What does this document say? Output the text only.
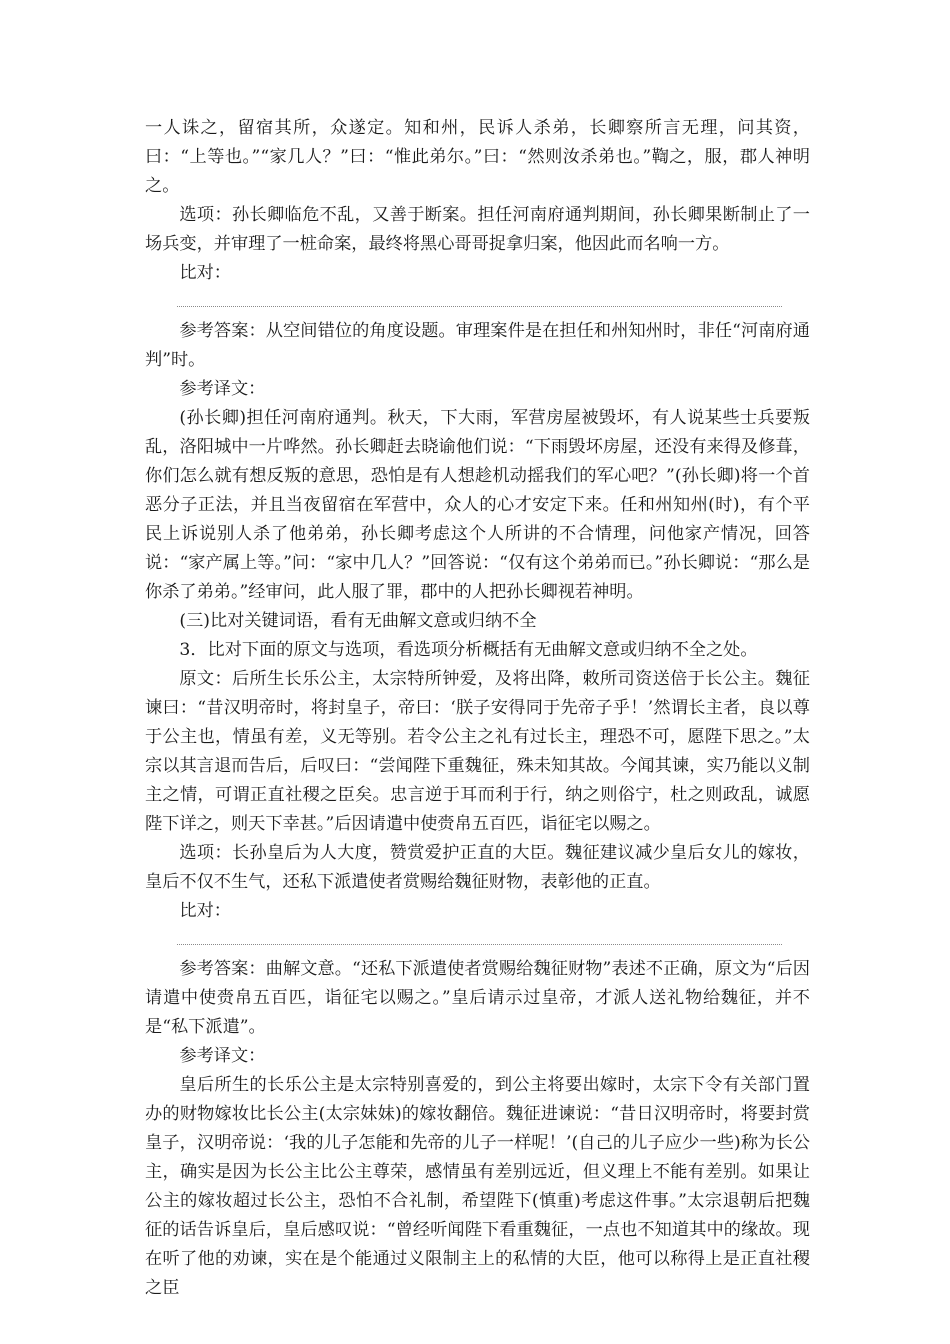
一人诛之，留宿其所，众遂定。知和州，民诉人杀弟，长卿察所言无理，问其资，曰：“上等也。”“家几人？”曰：“惟此弟尔。”曰：“然则汝杀弟也。”鞫之，服，郡人神明之。

选项：孙长卿临危不乱，又善于断案。担任河南府通判期间，孙长卿果断制止了一场兵变，并审理了一桩命案，最终将黑心哥哥捉拿归案，他因此而名响一方。

比对：

参考答案：从空间错位的角度设题。审理案件是在担任和州知州时，非任“河南府通判”时。

参考译文：

(孙长卿)担任河南府通判。秋天，下大雨，军营房屋被毁坏，有人说某些士兵要叛乱，洛阳城中一片哗然。孙长卿赶去晓谕他们说：“下雨毁坏房屋，还没有来得及修葺，你们怎么就有想反叛的意思，恐怕是有人想趁机动摇我们的军心吧？”(孙长卿)将一个首恶分子正法，并且当夜留宿在军营中，众人的心才安定下来。任和州知州(时)，有个平民上诉说别人杀了他弟弟，孙长卿考虑这个人所讲的不合情理，问他家产情况，回答说：“家产属上等。”问：“家中几人？”回答说：“仅有这个弟弟而已。”孙长卿说：“那么是你杀了弟弟。”经审问，此人服了罪，郡中的人把孙长卿视若神明。

(三)比对关键词语，看有无曲解文意或归纳不全

3．比对下面的原文与选项，看选项分析概括有无曲解文意或归纳不全之处。

原文：后所生长乐公主，太宗特所钟爱，及将出降，敕所司资送倍于长公主。魏征谏曰：“昔汉明帝时，将封皇子，帝曰：‘朕子安得同于先帝子乎！’然谓长主者，良以尊于公主也，情虽有差，义无等别。若令公主之礼有过长主，理恐不可，愿陛下思之。”太宗以其言退而告后，后叹曰：“尝闻陛下重魏征，殊未知其故。今闻其谏，实乃能以义制主之情，可谓正直社稷之臣矣。忠言逆于耳而利于行，纳之则俗宁，杜之则政乱，诚愿陛下详之，则天下幸甚。”后因请遣中使赍帛五百匹，诣征宅以赐之。

选项：长孙皇后为人大度，赞赏爱护正直的大臣。魏征建议减少皇后女儿的嫁妆，皇后不仅不生气，还私下派遣使者赏赐给魏征财物，表彰他的正直。

比对：

参考答案：曲解文意。“还私下派遣使者赏赐给魏征财物”表述不正确，原文为“后因请遣中使赍帛五百匹，诣征宅以赐之。”皇后请示过皇帝，才派人送礼物给魏征，并不是“私下派遣”。

参考译文：

皇后所生的长乐公主是太宗特别喜爱的，到公主将要出嫁时，太宗下令有关部门置办的财物嫁妆比长公主(太宗妹妹)的嫁妆翻倍。魏征进谏说：“昔日汉明帝时，将要封赏皇子，汉明帝说：‘我的儿子怎能和先帝的儿子一样呢！’(自己的儿子应少一些)称为长公主，确实是因为长公主比公主尊荣，感情虽有差别远近，但义理上不能有差别。如果让公主的嫁妆超过长公主，恐怕不合礼制，希望陛下(慎重)考虑这件事。”太宗退朝后把魏征的话告诉皇后，皇后感叹说：“曾经听闻陛下看重魏征，一点也不知道其中的缘故。现在听了他的劝谏，实在是个能通过义限制主上的私情的大臣，他可以称得上是正直社稷之臣
